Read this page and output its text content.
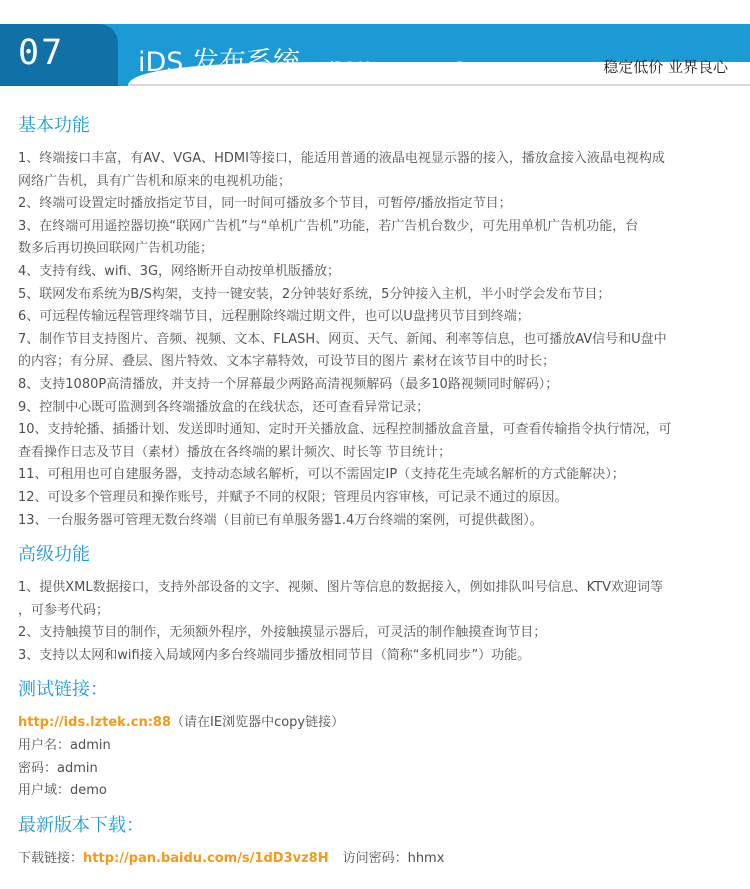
07	iDS 发布系统 iDS Management System	稳定低价 业界良心

基本功能

1、终端接口丰富，有AV、VGA、HDMI等接口，能适用普通的液晶电视显示器的接入，播放盒接入液晶电视构成

网络广告机，具有广告机和原来的电视机功能；

2、终端可设置定时播放指定节目，同一时间可播放多个节目，可暂停/播放指定节目；

3、在终端可用遥控器切换“联网广告机”与“单机广告机”功能，若广告机台数少，可先用单机广告机功能，台

数多后再切换回联网广告机功能；

4、支持有线、wifi、3G，网络断开自动按单机版播放；

5、联网发布系统为B/S构架，支持一键安装，2分钟装好系统，5分钟接入主机，半小时学会发布节目；

6、可远程传输远程管理终端节目，远程删除终端过期文件，也可以U盘拷贝节目到终端；

7、制作节目支持图片、音频、视频、文本、FLASH、网页、天气、新闻、利率等信息，也可播放AV信号和U盘中

的内容；有分屏、叠层、图片特效、文本字幕特效，可设节目的图片 素材在该节目中的时长；

8、支持1080P高清播放，并支持一个屏幕最少两路高清视频解码（最多10路视频同时解码）；

9、控制中心既可监测到各终端播放盒的在线状态，还可查看异常记录；

10、支持轮播、插播计划、发送即时通知、定时开关播放盒、远程控制播放盒音量，可查看传输指令执行情况，可

查看操作日志及节目（素材）播放在各终端的累计频次、时长等 节目统计；

11、可租用也可自建服务器，支持动态域名解析，可以不需固定IP（支持花生壳域名解析的方式能解决）；

12、可设多个管理员和操作账号，并赋予不同的权限；管理员内容审核，可记录不通过的原因。

13、一台服务器可管理无数台终端（目前已有单服务器1.4万台终端的案例，可提供截图）。

高级功能

1、提供XML数据接口，支持外部设备的文字、视频、图片等信息的数据接入，例如排队叫号信息、KTV欢迎词等

，可参考代码；

2、支持触摸节目的制作，无须额外程序，外接触摸显示器后，可灵活的制作触摸查询节目；

3、支持以太网和wifi接入局域网内多台终端同步播放相同节目（简称“多机同步”）功能。

测试链接：

http://ids.lztek.cn:88（请在IE浏览器中copy链接）

用户名：admin

密码：admin

用户域：demo

最新版本下载：

下载链接：http://pan.baidu.com/s/1dD3vz8H 访问密码：hhmx
